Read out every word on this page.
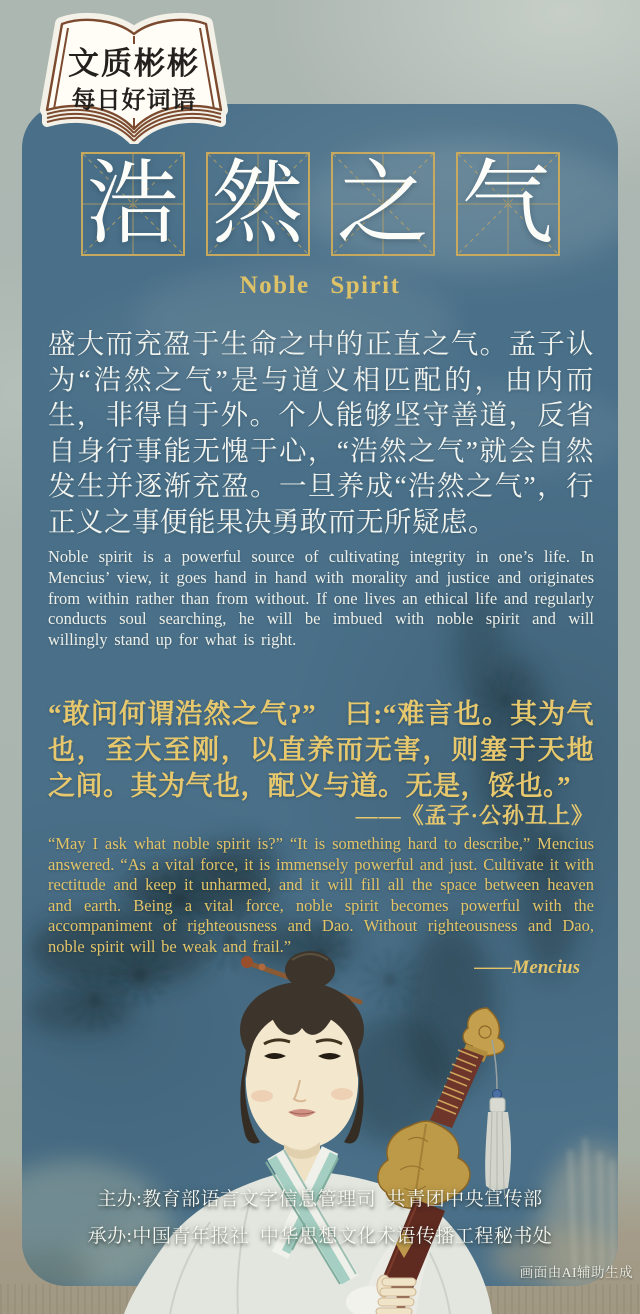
浩 然 之 气
Noble Spirit
盛大而充盈于生命之中的正直之气。孟子认为“浩然之气”是与道义相匹配的，由内而生，非得自于外。个人能够坚守善道，反省自身行事能无愧于心，“浩然之气”就会自然发生并逐渐充盈。一旦养成“浩然之气”，行正义之事便能果决勇敢而无所疑虑。
Noble spirit is a powerful source of cultivating integrity in one’s life. In Mencius’ view, it goes hand in hand with morality and justice and originates from within rather than from without. If one lives an ethical life and regularly conducts soul searching, he will be imbued with noble spirit and will willingly stand up for what is right.
“敢问何谓浩然之气?”　曰:“难言也。其为气也，至大至刚，以直养而无害，则塞于天地之间。其为气也，配义与道。无是，馁也。”
——《孟子·公孙丑上》
“May I ask what noble spirit is?” “It is something hard to describe,” Mencius answered. “As a vital force, it is immensely powerful and just. Cultivate it with rectitude and keep it unharmed, and it will fill all the space between heaven and earth. Being a vital force, noble spirit becomes powerful with the accompaniment of righteousness and Dao. Without righteousness and Dao, noble spirit will be weak and frail.”
——Mencius
主办:教育部语言文字信息管理司  共青团中央宣传部
承办:中国青年报社  中华思想文化术语传播工程秘书处
画面由AI辅助生成
文质彬彬
每日好词语
